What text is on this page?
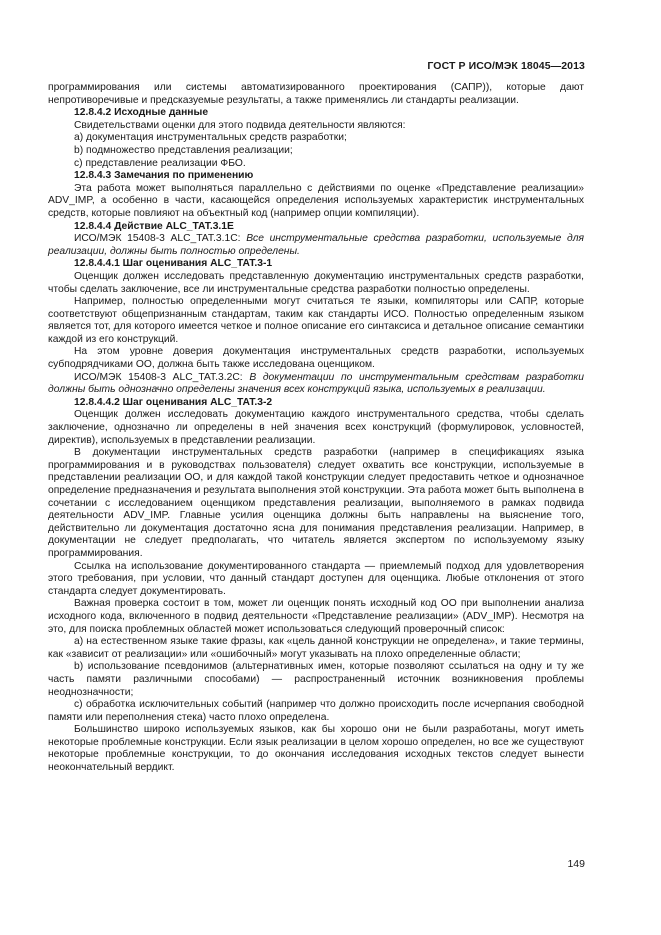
ГОСТ Р ИСО/МЭК 18045—2013
программирования или системы автоматизированного проектирования (САПР)), которые дают непротиворечивые и предсказуемые результаты, а также применялись ли стандарты реализации.
12.8.4.2 Исходные данные
Свидетельствами оценки для этого подвида деятельности являются:
a) документация инструментальных средств разработки;
b) подмножество представления реализации;
c) представление реализации ФБО.
12.8.4.3 Замечания по применению
Эта работа может выполняться параллельно с действиями по оценке «Представление реализации» ADV_IMP, а особенно в части, касающейся определения используемых характеристик инструментальных средств, которые повлияют на объектный код (например опции компиляции).
12.8.4.4 Действие ALC_TAT.3.1E
ИСО/МЭК 15408-3 ALC_TAT.3.1C: Все инструментальные средства разработки, используемые для реализации, должны быть полностью определены.
12.8.4.4.1 Шаг оценивания ALC_TAT.3-1
Оценщик должен исследовать представленную документацию инструментальных средств разработки, чтобы сделать заключение, все ли инструментальные средства разработки полностью определены.
Например, полностью определенными могут считаться те языки, компиляторы или САПР, которые соответствуют общепризнанным стандартам, таким как стандарты ИСО. Полностью определенным языком является тот, для которого имеется четкое и полное описание его синтаксиса и детальное описание семантики каждой из его конструкций.
На этом уровне доверия документация инструментальных средств разработки, используемых субподрядчиками ОО, должна быть также исследована оценщиком.
ИСО/МЭК 15408-3 ALC_TAT.3.2C: В документации по инструментальным средствам разработки должны быть однозначно определены значения всех конструкций языка, используемых в реализации.
12.8.4.4.2 Шаг оценивания ALC_TAT.3-2
Оценщик должен исследовать документацию каждого инструментального средства, чтобы сделать заключение, однозначно ли определены в ней значения всех конструкций (формулировок, условностей, директив), используемых в представлении реализации.
В документации инструментальных средств разработки (например в спецификациях языка программирования и в руководствах пользователя) следует охватить все конструкции, используемые в представлении реализации ОО, и для каждой такой конструкции следует предоставить четкое и однозначное определение предназначения и результата выполнения этой конструкции. Эта работа может быть выполнена в сочетании с исследованием оценщиком представления реализации, выполняемого в рамках подвида деятельности ADV_IMP. Главные усилия оценщика должны быть направлены на выяснение того, действительно ли документация достаточно ясна для понимания представления реализации. Например, в документации не следует предполагать, что читатель является экспертом по используемому языку программирования.
Ссылка на использование документированного стандарта — приемлемый подход для удовлетворения этого требования, при условии, что данный стандарт доступен для оценщика. Любые отклонения от этого стандарта следует документировать.
Важная проверка состоит в том, может ли оценщик понять исходный код ОО при выполнении анализа исходного кода, включенного в подвид деятельности «Представление реализации» (ADV_IMP). Несмотря на это, для поиска проблемных областей может использоваться следующий проверочный список:
a) на естественном языке такие фразы, как «цель данной конструкции не определена», и такие термины, как «зависит от реализации» или «ошибочный» могут указывать на плохо определенные области;
b) использование псевдонимов (альтернативных имен, которые позволяют ссылаться на одну и ту же часть памяти различными способами) — распространенный источник возникновения проблемы неоднозначности;
c) обработка исключительных событий (например что должно происходить после исчерпания свободной памяти или переполнения стека) часто плохо определена.
Большинство широко используемых языков, как бы хорошо они не были разработаны, могут иметь некоторые проблемные конструкции. Если язык реализации в целом хорошо определен, но все же существуют некоторые проблемные конструкции, то до окончания исследования исходных текстов следует вынести неокончательный вердикт.
149
